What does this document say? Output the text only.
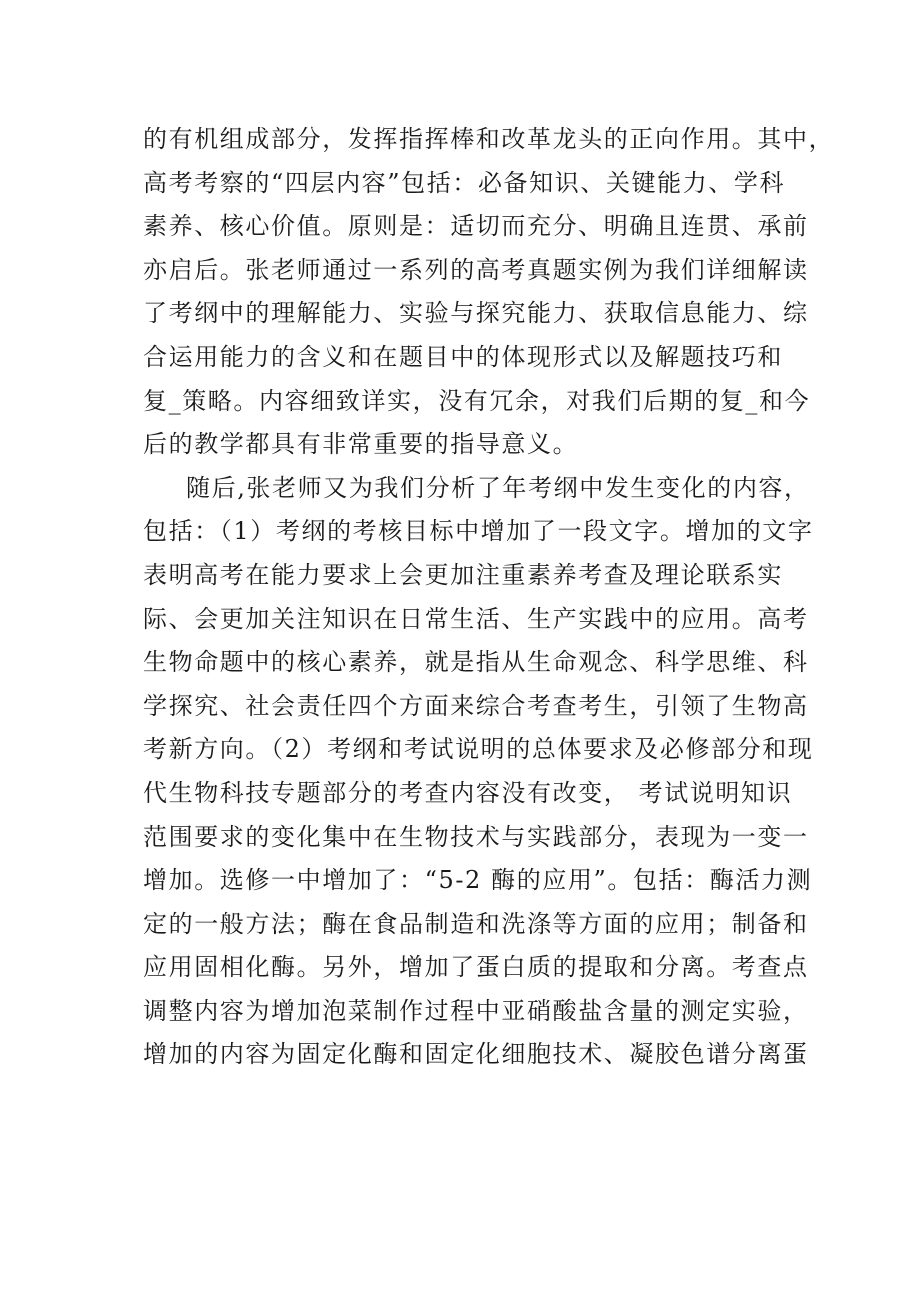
的有机组成部分，发挥指挥棒和改革龙头的正向作用。其中，
高考考察的“四层内容”包括：必备知识、关键能力、学科
素养、核心价值。原则是：适切而充分、明确且连贯、承前
亦启后。张老师通过一系列的高考真题实例为我们详细解读
了考纲中的理解能力、实验与探究能力、获取信息能力、综
合运用能力的含义和在题目中的体现形式以及解题技巧和
复_策略。内容细致详实，没有冗余，对我们后期的复_和今
后的教学都具有非常重要的指导意义。
随后,张老师又为我们分析了年考纲中发生变化的内容，
包括：（1）考纲的考核目标中增加了一段文字。增加的文字
表明高考在能力要求上会更加注重素养考查及理论联系实
际、会更加关注知识在日常生活、生产实践中的应用。高考
生物命题中的核心素养，就是指从生命观念、科学思维、科
学探究、社会责任四个方面来综合考查考生，引领了生物高
考新方向。（2）考纲和考试说明的总体要求及必修部分和现
代生物科技专题部分的考查内容没有改变， 考试说明知识
范围要求的变化集中在生物技术与实践部分，表现为一变一
增加。选修一中增加了：“5-2 酶的应用”。包括：酶活力测
定的一般方法；酶在食品制造和洗涤等方面的应用；制备和
应用固相化酶。另外，增加了蛋白质的提取和分离。考查点
调整内容为增加泡菜制作过程中亚硝酸盐含量的测定实验，
增加的内容为固定化酶和固定化细胞技术、凝胶色谱分离蛋
